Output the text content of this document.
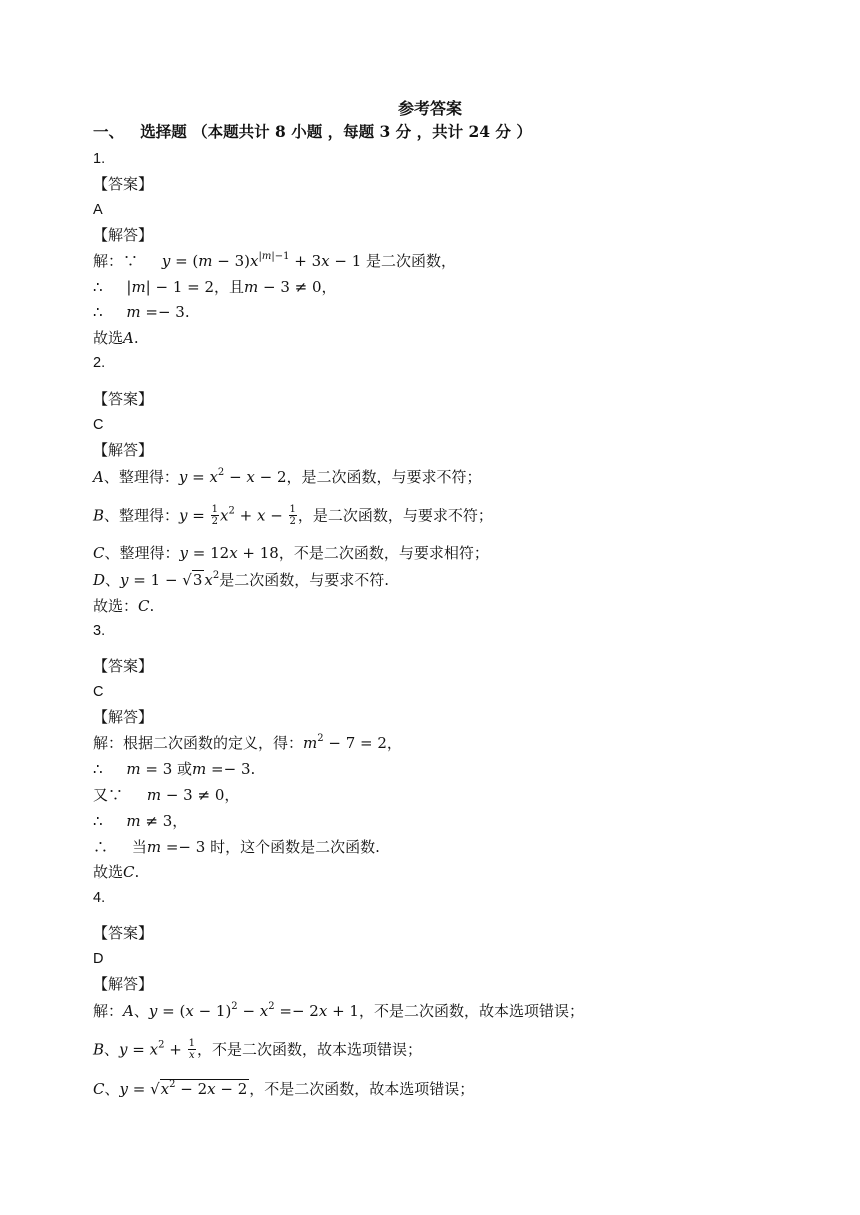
参考答案
一、 选择题 （本题共计 8 小题 ，每题 3 分 ，共计 24 分 ）
1.
【答案】
A
【解答】
解：∵     $y = (m - 3)x^{|m|-1} + 3x - 1$ 是二次函数，
∴     |m| − 1 = 2，且m − 3 ≠ 0，
∴     m =− 3.
故选A.
2.
【答案】
C
【解答】
A、整理得：$y = x^2 - x - 2$，是二次函数，与要求不符；
B、整理得：$y = \frac{1}{2} x^2 + x - \frac{1}{2}$ ，是二次函数，与要求不符；
C、整理得：y = 12x + 18，不是二次函数，与要求相符；
D、y = 1 − √3 $x^2$是二次函数，与要求不符.
故选：C.
3.
【答案】
C
【解答】
解：根据二次函数的定义，得：$m^2 - 7 = 2$，
∴     m = 3 或m =− 3.
又∵     m − 3 ≠ 0，
∴     m ≠ 3，
∴     当m =− 3 时，这个函数是二次函数.
故选C.
4.
【答案】
D
【解答】
解：A、$y = (x - 1)^2 - x^2 =- 2x + 1$，不是二次函数，故本选项错误；
B、$y = x^2 + \frac{1}{x}$ ，不是二次函数，故本选项错误；
C、$y = √x^2 - 2x - 2$ ，不是二次函数，故本选项错误；
